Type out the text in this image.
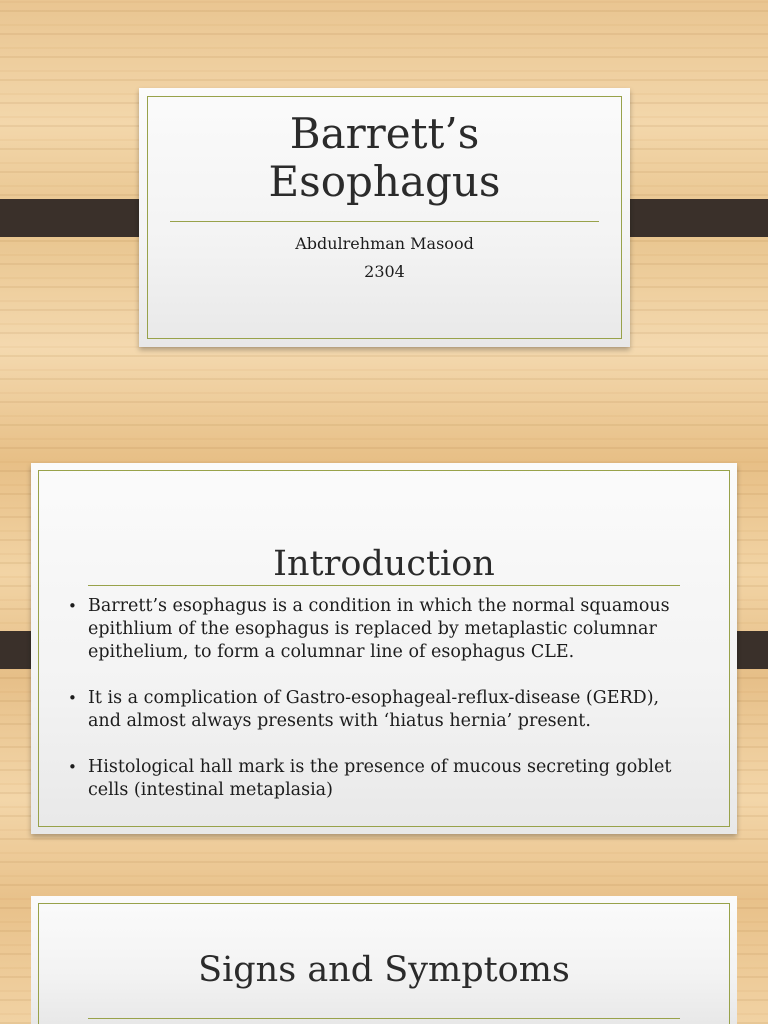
Barrett’s
Esophagus
Abdulrehman Masood
2304
Introduction
• Barrett’s esophagus is a condition in which the normal squamous epithlium of the esophagus is replaced by metaplastic columnar epithelium, to form a columnar line of esophagus CLE.
• It is a complication of Gastro-esophageal-reflux-disease (GERD), and almost always presents with ‘hiatus hernia’ present.
• Histological hall mark is the presence of mucous secreting goblet cells (intestinal metaplasia)
Signs and Symptoms
